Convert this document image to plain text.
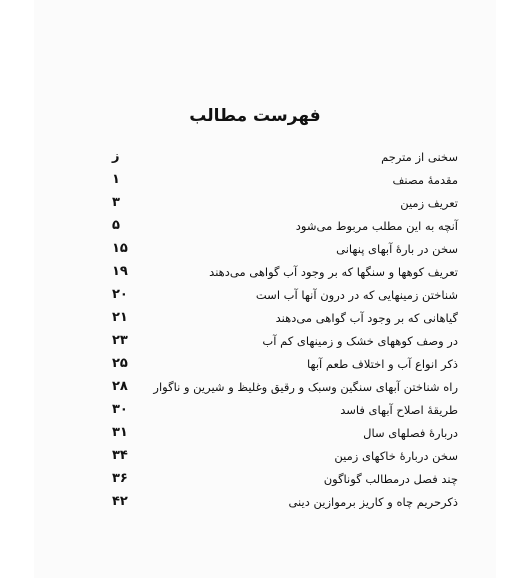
فهرست مطالب
ز	سخنی از مترجم
۱	مقدمهٔ مصنف
۳	تعریف زمین
۵	آنچه به این مطلب مربوط می‌شود
۱۵	سخن در بارهٔ آبهای پنهانی
۱۹	تعریف کوهها و سنگها که بر وجود آب گواهی می‌دهند
۲۰	شناختن زمینهایی که در درون آنها آب است
۲۱	گیاهانی که بر وجود آب گواهی می‌دهند
۲۳	در وصف کوههای خشک و زمینهای کم آب
۲۵	ذکر انواع آب و اختلاف طعم آبها
۲۸	راه شناختن آبهای سنگین وسبک و رقیق وغلیظ و شیرین و ناگوار
۳۰	طریقهٔ اصلاح آبهای فاسد
۳۱	دربارهٔ فصلهای سال
۳۴	سخن دربارهٔ خاکهای زمین
۳۶	چند فصل درمطالب گوناگون
۴۲	ذکرحریم چاه و کاریز برموازین دینی
